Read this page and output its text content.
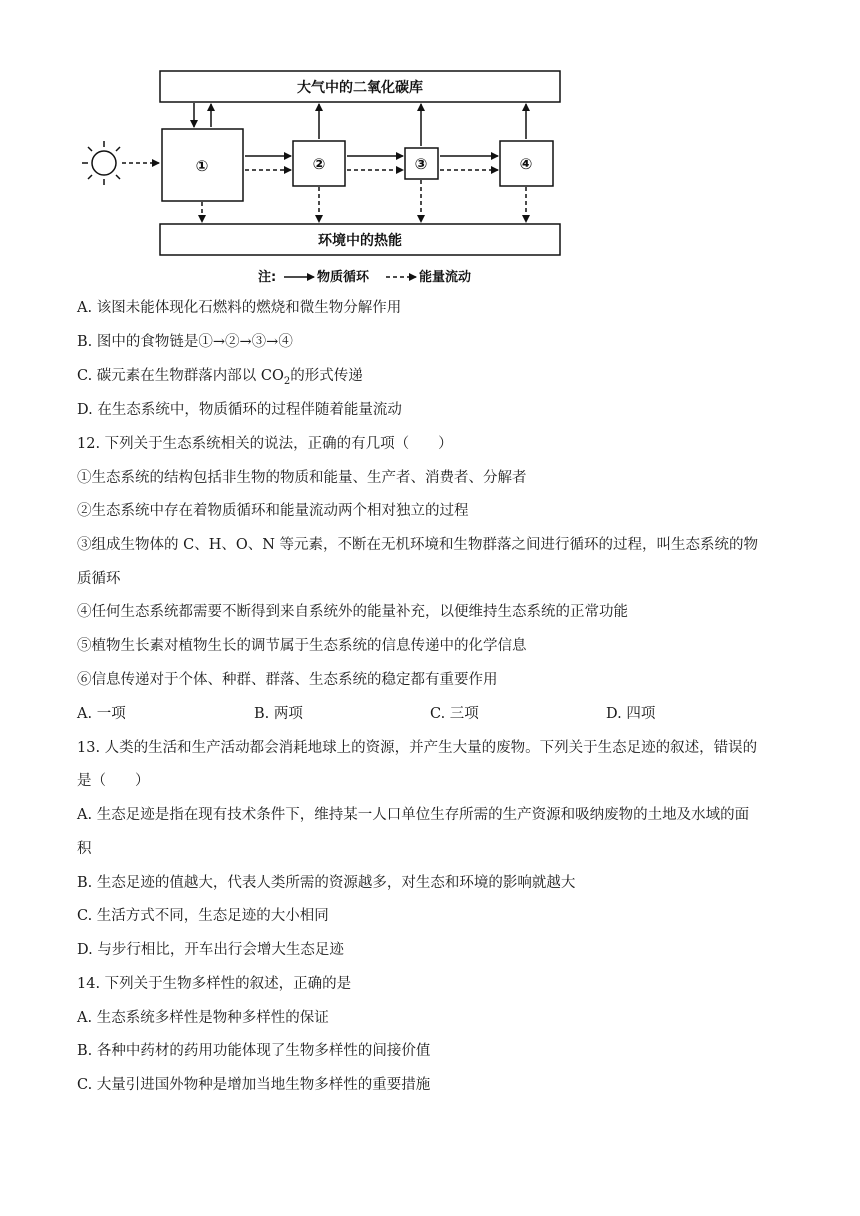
大气中的二氧化碳库
环境中的热能
①	②	③	④
注:	物质循环	能量流动
A. 该图未能体现化石燃料的燃烧和微生物分解作用
B. 图中的食物链是①→②→③→④
C. 碳元素在生物群落内部以 $CO_2$的形式传递
D. 在生态系统中，物质循环的过程伴随着能量流动
12. 下列关于生态系统相关的说法，正确的有几项（　　）
①生态系统的结构包括非生物的物质和能量、生产者、消费者、分解者
②生态系统中存在着物质循环和能量流动两个相对独立的过程
③组成生物体的 C、H、O、N 等元素，不断在无机环境和生物群落之间进行循环的过程，叫生态系统的物
质循环
④任何生态系统都需要不断得到来自系统外的能量补充，以便维持生态系统的正常功能
⑤植物生长素对植物生长的调节属于生态系统的信息传递中的化学信息
⑥信息传递对于个体、种群、群落、生态系统的稳定都有重要作用
A. 一项	B. 两项	C. 三项	D. 四项
13. 人类的生活和生产活动都会消耗地球上的资源，并产生大量的废物。下列关于生态足迹的叙述，错误的
是（　　）
A. 生态足迹是指在现有技术条件下，维持某一人口单位生存所需的生产资源和吸纳废物的土地及水域的面
积
B. 生态足迹的值越大，代表人类所需的资源越多，对生态和环境的影响就越大
C. 生活方式不同，生态足迹的大小相同
D. 与步行相比，开车出行会增大生态足迹
14. 下列关于生物多样性的叙述，正确的是
A. 生态系统多样性是物种多样性的保证
B. 各种中药材的药用功能体现了生物多样性的间接价值
C. 大量引进国外物种是增加当地生物多样性的重要措施
